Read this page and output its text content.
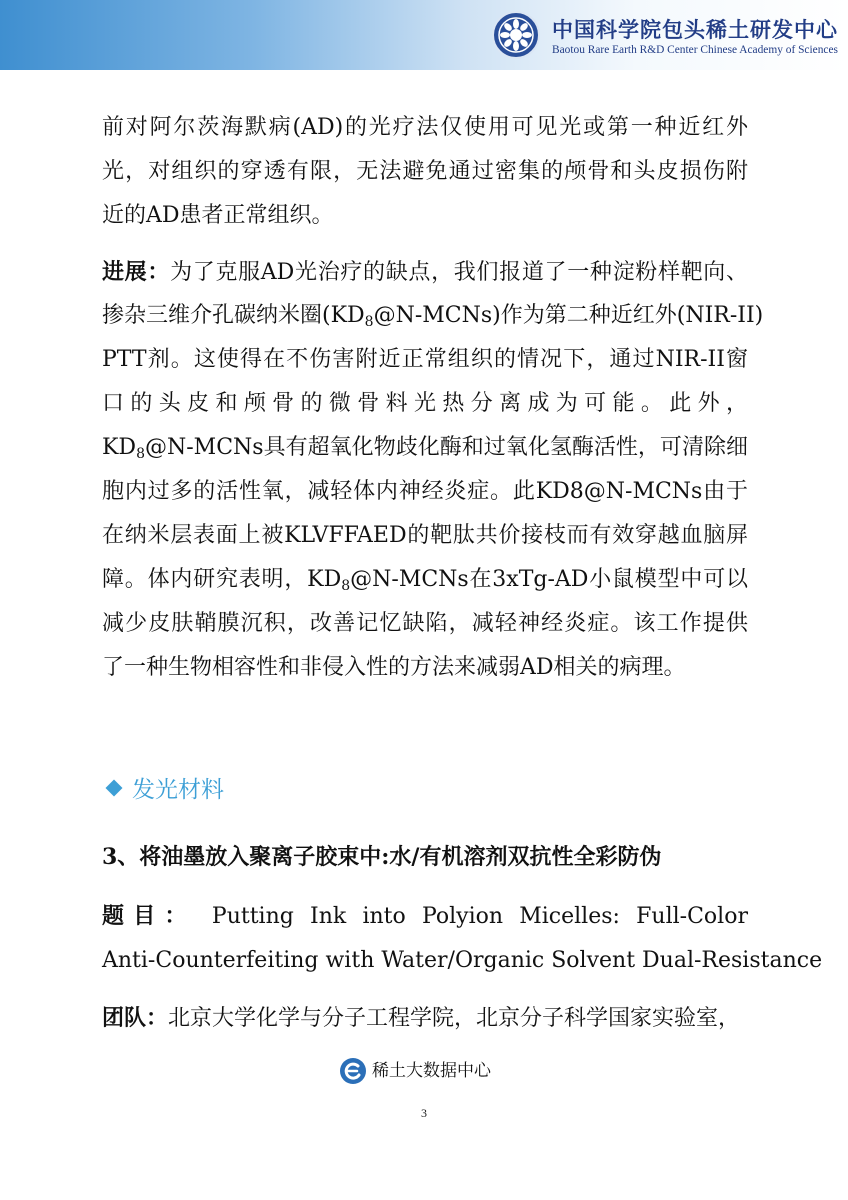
中国科学院包头稀土研发中心
Baotou Rare Earth R&D Center Chinese Academy of Sciences
前对阿尔茨海默病(AD)的光疗法仅使用可见光或第一种近红外
光，对组织的穿透有限，无法避免通过密集的颅骨和头皮损伤附
近的AD患者正常组织。
进展：为了克服AD光治疗的缺点，我们报道了一种淀粉样靶向、
掺杂三维介孔碳纳米圈$(KD_8@N-MCNs)$作为第二种近红外(NIR-II)
PTT剂。这使得在不伤害附近正常组织的情况下，通过NIR-II窗
口的头皮和颅骨的微骨料光热分离成为可能。此外，
$KD_8@N$-MCNs具有超氧化物歧化酶和过氧化氢酶活性，可清除细
胞内过多的活性氧，减轻体内神经炎症。此KD8@N-MCNs由于
在纳米层表面上被KLVFFAED的靶肽共价接枝而有效穿越血脑屏
障。体内研究表明，$KD_8@N$-MCNs在3xTg-AD小鼠模型中可以
减少皮肤鞘膜沉积，改善记忆缺陷，减轻神经炎症。该工作提供
了一种生物相容性和非侵入性的方法来减弱AD相关的病理。
发光材料
3、将油墨放入聚离子胶束中:水/有机溶剂双抗性全彩防伪
题目： Putting Ink into Polyion Micelles: Full-Color
Anti-Counterfeiting with Water/Organic Solvent Dual-Resistance
团队：北京大学化学与分子工程学院，北京分子科学国家实验室，
稀土大数据中心
3
